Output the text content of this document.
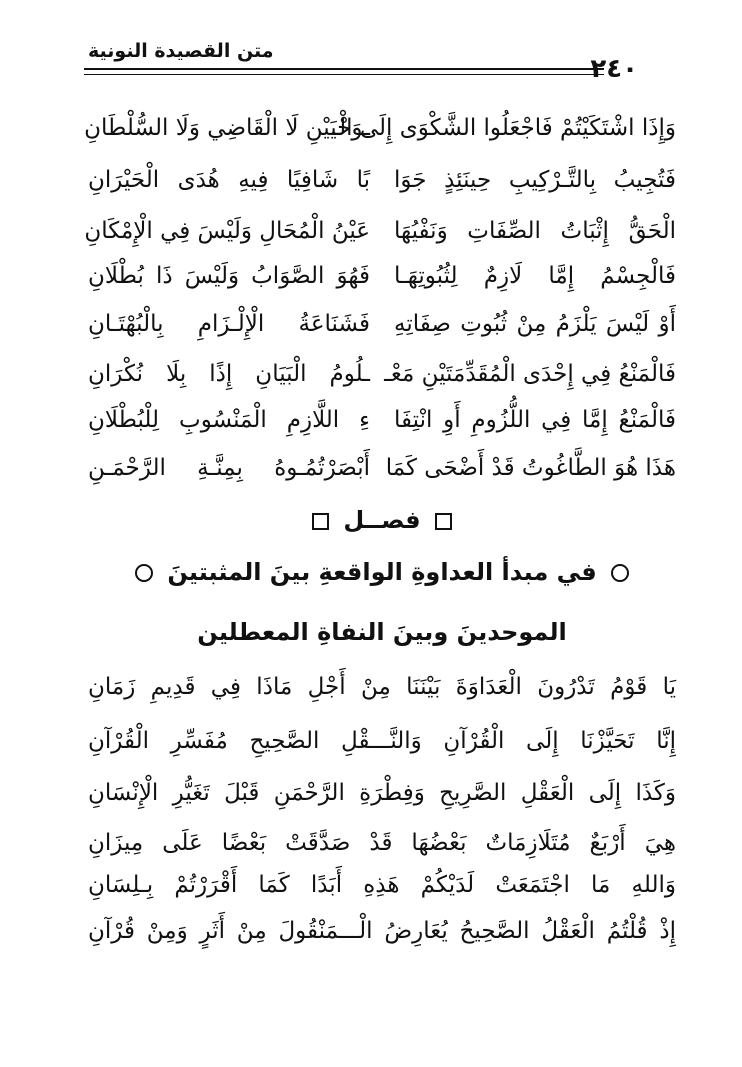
متن القصيدة النونية
٢٤٠
وَإِذَا اشْتَكَيْتُمْ فَاجْعَلُوا الشَّكْوَى إِلَى الْـ
ـوَحْيَيْنِ لَا الْقَاضِي وَلَا السُّلْطَانِ
فَتُجِيبُ بِالتَّـرْكِيبِ حِينَئِذٍ جَوَا
بًا شَافِيًا فِيهِ هُدَى الْحَيْرَانِ
الْحَقُّ إِثْبَاتُ الصِّفَاتِ وَنَفْيُهَا
عَيْنُ الْمُحَالِ وَلَيْسَ فِي الْإِمْكَانِ
فَالْجِسْمُ إِمَّا لَازِمٌ لِثُبُوتِهَـا
فَهُوَ الصَّوَابُ وَلَيْسَ ذَا بُطْلَانِ
أَوْ لَيْسَ يَلْزَمُ مِنْ ثُبُوتِ صِفَاتِهِ
فَشَنَاعَةُ الْإِلْـزَامِ بِالْبُهْتَـانِ
فَالْمَنْعُ فِي إِحْدَى الْمُقَدِّمَتَيْنِ مَعْـ
ـلُومُ الْبَيَانِ إِذًا بِلَا نُكْرَانِ
فَالْمَنْعُ إِمَّا فِي اللُّزُومِ أَوِ انْتِفَا
ءِ اللَّازِمِ الْمَنْسُوبِ لِلْبُطْلَانِ
هَذَا هُوَ الطَّاغُوتُ قَدْ أَضْحَى كَمَا
أَبْصَرْتُمُـوهُ بِمِنَّـةِ الرَّحْمَـنِ
فصــل
في مبدأ العداوةِ الواقعةِ بينَ المثبتينَ
الموحدينَ وبينَ النفاةِ المعطلين
يَا قَوْمُ تَدْرُونَ الْعَدَاوَةَ بَيْنَنَا مِنْ أَجْلِ مَاذَا فِي قَدِيمِ زَمَانِ
إِنَّا تَحَيَّزْنَا إِلَى الْقُرْآنِ وَالنَّـــقْلِ الصَّحِيحِ مُفَسِّرِ الْقُرْآنِ
وَكَذَا إِلَى الْعَقْلِ الصَّرِيحِ وَفِطْرَةِ الرَّحْمَنِ قَبْلَ تَغَيُّرِ الْإِنْسَانِ
هِيَ أَرْبَعٌ مُتَلَازِمَاتٌ بَعْضُهَا قَدْ صَدَّقَتْ بَعْضًا عَلَى مِيزَانِ
وَاللهِ مَا اجْتَمَعَتْ لَدَيْكُمْ هَذِهِ أَبَدًا كَمَا أَقْرَرْتُمْ بِـلِسَانِ
إِذْ قُلْتُمُ الْعَقْلُ الصَّحِيحُ يُعَارِضُ الْـــمَنْقُولَ مِنْ أَثَرٍ وَمِنْ قُرْآنِ
